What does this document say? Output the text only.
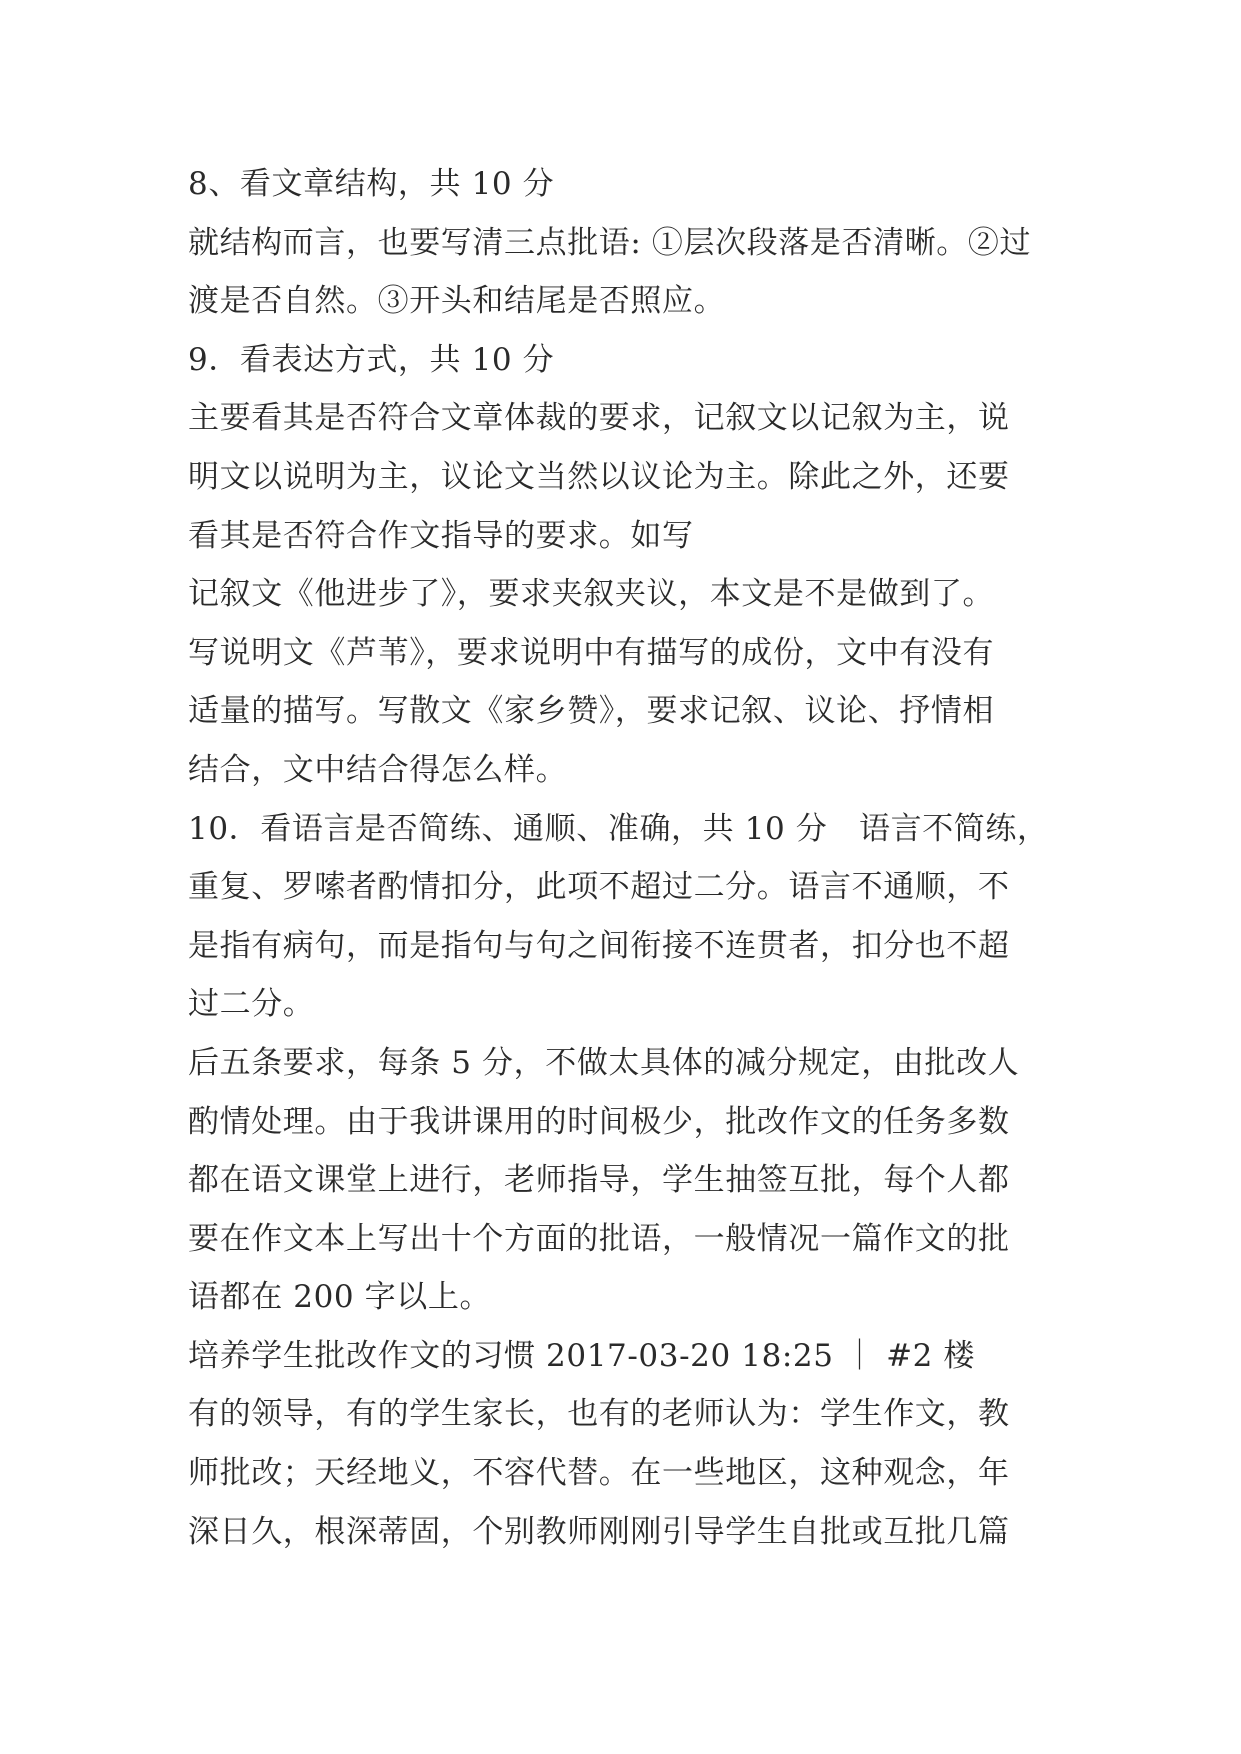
8、看文章结构，共 10 分
就结构而言，也要写清三点批语: ①层次段落是否清晰。②过
渡是否自然。③开头和结尾是否照应。
9．看表达方式，共 10 分
主要看其是否符合文章体裁的要求，记叙文以记叙为主，说
明文以说明为主，议论文当然以议论为主。除此之外，还要
看其是否符合作文指导的要求。如写
记叙文《他进步了》，要求夹叙夹议，本文是不是做到了。
写说明文《芦苇》，要求说明中有描写的成份，文中有没有
适量的描写。写散文《家乡赞》，要求记叙、议论、抒情相
结合，文中结合得怎么样。
10．看语言是否简练、通顺、准确，共 10 分　语言不简练，
重复、罗嗦者酌情扣分，此项不超过二分。语言不通顺，不
是指有病句，而是指句与句之间衔接不连贯者，扣分也不超
过二分。
后五条要求，每条 5 分，不做太具体的减分规定，由批改人
酌情处理。由于我讲课用的时间极少，批改作文的任务多数
都在语文课堂上进行，老师指导，学生抽签互批，每个人都
要在作文本上写出十个方面的批语，一般情况一篇作文的批
语都在 200 字以上。
培养学生批改作文的习惯 2017-03-20 18:25 ｜ #2 楼
有的领导，有的学生家长，也有的老师认为：学生作文，教
师批改；天经地义，不容代替。在一些地区，这种观念，年
深日久，根深蒂固，个别教师刚刚引导学生自批或互批几篇
